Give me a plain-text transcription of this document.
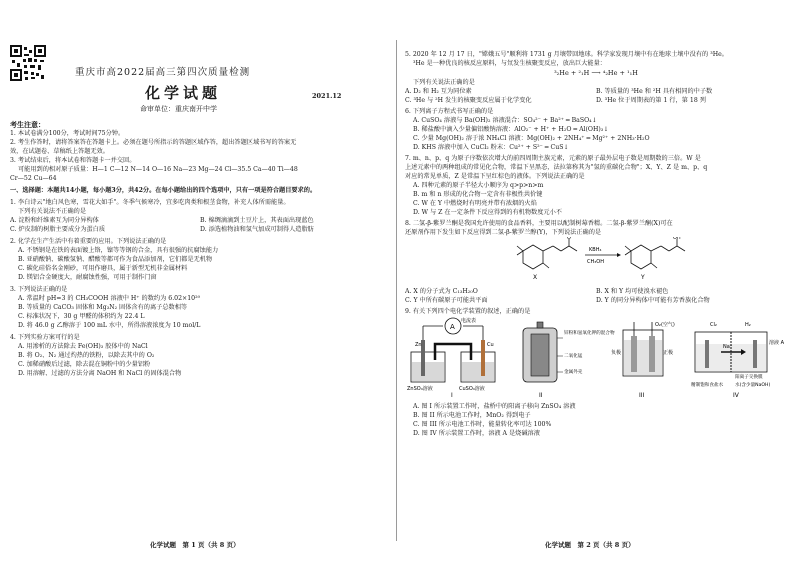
重庆市高2022届高三第四次质量检测
化学试题	2021.12
命审单位：重庆南开中学
考生注意：
1. 本试卷满分100分，考试时间75分钟。
2. 考生作答时，请将答案答在答题卡上。必须在题号所指示的答题区域作答，超出答题区域书写的答案无
效，在试题卷、草稿纸上答题无效。
3. 考试结束后，将本试卷和答题卡一并交回。
可能用到的相对原子质量：H—1 C—12 N—14 O—16 Na—23 Mg—24 Cl—35.5 Ca—40 Ti—48
Cr—52 Cu—64
一、选择题：本题共14小题，每小题3分，共42分。在每小题给出的四个选项中，只有一项是符合题目要求的。
1. 李白诗云"地白风色寒，雪花大如手"。冬季气候寒冷，宜多吃肉类和根茎食物，补充人体所需能量。
下列有关说法不正确的是
A. 淀粉和纤维素互为同分异构体	B. 棉绸滴滴到土豆片上，其表面出现蓝色
C. 炉皮制的树脂主要成分为蛋白质	D. 添选植物油和氢气加成可制得人造脂肪
2. 化学在生产生活中有着重要的应用。下列说法正确的是
A. 不锈钢是在铁的表面镀上铬，镍等等钢的合金，具有很强的抗腐蚀能力
B. 亚硝酸钠、碳酸氢钠、醋酸等都可作为食品添加剂，它们都是无机物
C. 碳化硅俗名金刚砂，可用作磨具，属于新型无机非金属材料
D. 镁铝合金硬度大，耐腐蚀性强，可用于制作门窗
3. 下列说法正确的是
A. 常温时 pH=3 的 CH₃COOH 溶液中 H⁺ 的数约为 6.02×10²⁰
B. 等质量的 CaCO₃ 固体和 Mg₃N₂ 固体含有的离子总数相等
C. 标准状况下，30 g 甲醛的体积约为 22.4 L
D. 将 46.0 g 乙醇溶于 100 mL 水中，所得溶液浓度为 10 mol/L
4. 下列实验方案可行的是
A. 用渗析的方法除去 Fe(OH)₃ 胶体中的 NaCl
B. 将 O₂、N₂ 通过灼热的铁粉，以除去其中的 O₂
C. 加稀硝酸后过滤，除去混在铜粉中的少量铝粉
D. 用溶解、过滤的方法分离 NaOH 和 NaCl 的固体混合物
化学试题　第 1 页（共 8 页）
5. 2020 年 12 月 17 日，"嫦娥五号"顺利将 1731 g 月壤带回地球。科学家发现月壤中有在地球土壤中没有的 ³He。
³He 是一种优良的核反应原料，与氘发生核聚变反应，放出巨大能量：
³₂He + ²₁H ⟶ ⁴₂He + ¹₁H
下列有关说法正确的是
A. D₂ 和 H₂ 互为同位素	B. 等质量的 ³He 和 ²H 具有相同的中子数
C. ³He 与 ²H 发生的核聚变反应属于化学变化	D. ³He 位于周期表的第 1 行，第 18 列
6. 下列离子方程式书写正确的是
A. CuSO₄ 溶液与 Ba(OH)₂ 溶液混合：SO₄²⁻ + Ba²⁺ ═ BaSO₄↓
B. 稀盐酸中滴入少量偏铝酸钠溶液：AlO₂⁻ + H⁺ + H₂O ═ Al(OH)₃↓
C. 少量 Mg(OH)₂ 溶于浓 NH₄Cl 溶液：Mg(OH)₂ + 2NH₄⁺ ═ Mg²⁺ + 2NH₃·H₂O
D. KHS 溶液中加入 CuCl₂ 粉末：Cu²⁺ + S²⁻ ═ CuS↓
7. m、n、p、q 为原子序数依次增大的前四周期主族元素，元素的原子最外层电子数是周期数的三倍。W 是
上述元素中的两种组成的常见化合物，常温下呈黑态，法拉第称其为"氢的重碳化合物"；X、Y、Z 是 m、p、q
对应的常见单质，Z 是常温下呈红棕色的液体。下列说法正确的是
A. 四种元素的原子半径大小顺序为 q>p>n>m
B. m 和 n 形成的化合物一定含有非极性共价键
C. W 在 Y 中燃烧时有明亮并带有浓烟的火焰
D. W 与 Z 在一定条件下反应得到的有机物数度元小不
8. 二氢-β-紫罗兰酮是我国允许使用的食品香料，主要用以配制树莓香精。二氢-β-紫罗兰酮(X)可在
还原剂作用下发生如下反应得到二氢-β-紫罗兰醇(Y)，下列说法正确的是
O
X
KBH₄
CH₃OH
OH
Y
A. X 的分子式为 C₁₃H₂₀O	B. X 和 Y 均可使溴水褪色
C. Y 中所有碳原子可能共平面	D. Y 的同分异构体中可能有芳香族化合物
9. 有关下列四个电化学装置的叙述，正确的是
A
电流表
Zn	Cu
ZnSO₄溶液	CuSO₄溶液
I
锌粉和氢氧化钾的混合物
二氧化锰
金属外壳
II
O₂(空气)
正极
负极
III
Cl₂	H₂
Na⁺
阳离子交换膜
精制饱和食盐水	水(含少量NaOH)
溶液 A
IV
A. 图 I 所示装置工作时，盐桥中的阳离子移向 ZnSO₄ 溶液
B. 图 II 所示电池工作时，MnO₂ 得到电子
C. 图 III 所示电池工作时，能量转化率可达 100%
D. 图 IV 所示装置工作时，溶液 A 是烧碱溶液
化学试题　第 2 页（共 8 页）
